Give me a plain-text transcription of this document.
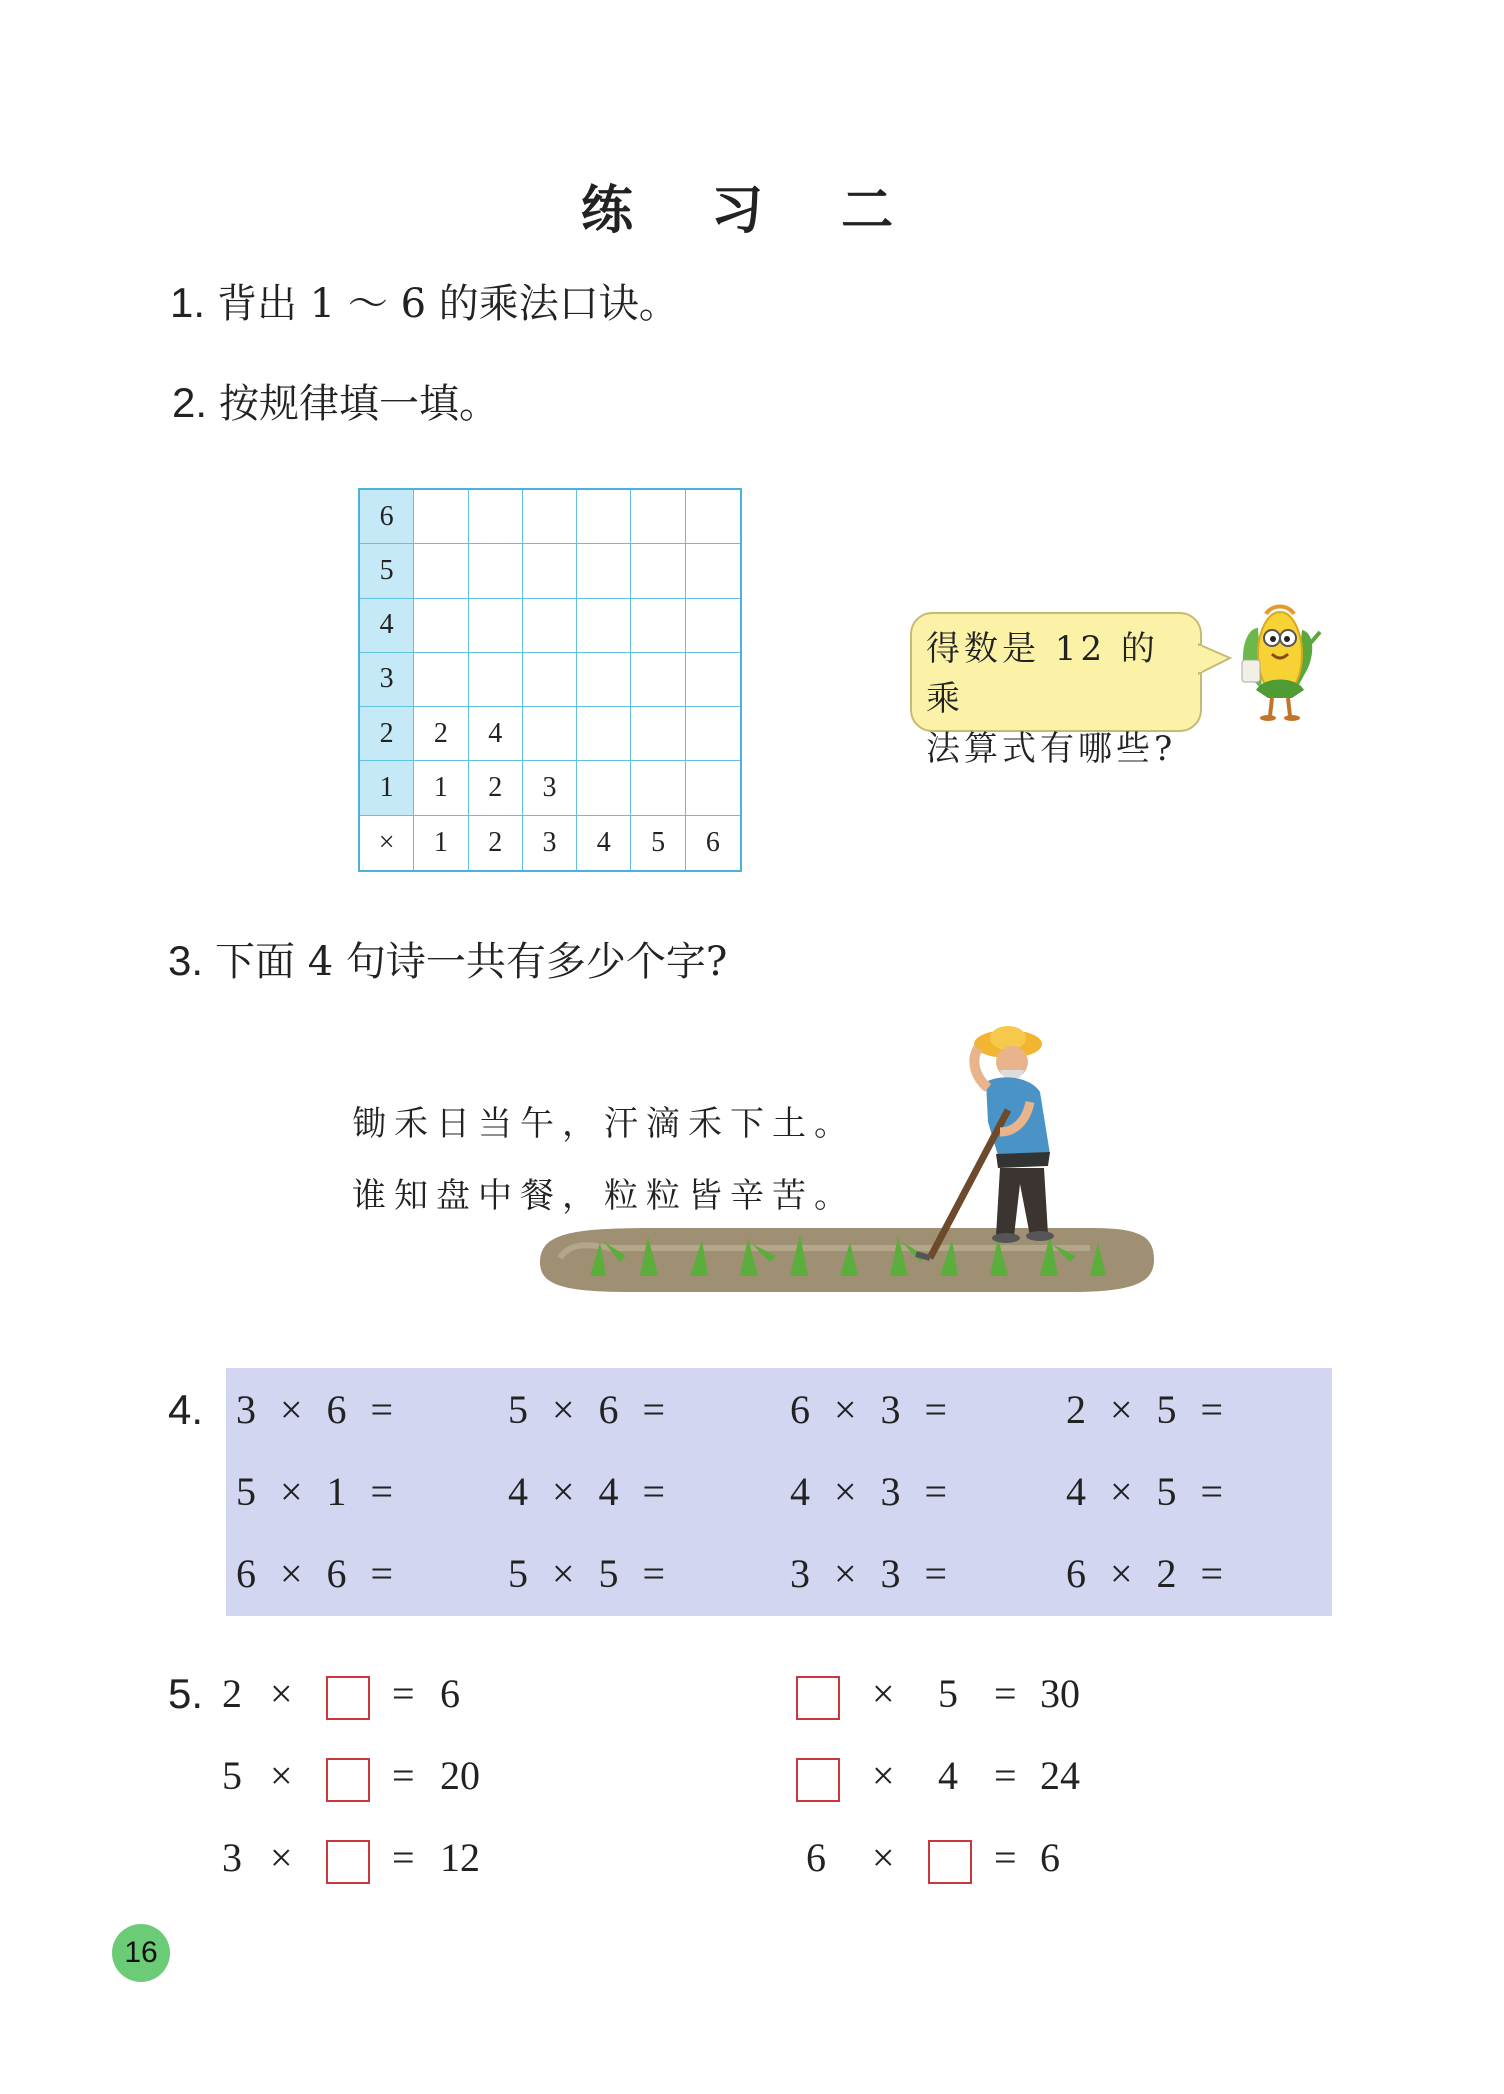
练 习 二
1. 背出 1 ～ 6 的乘法口诀。
2. 按规律填一填。
6
5
4
3
2	2	4
1	1	2	3
×	1	2	3	4	5	6
得数是 12 的乘
法算式有哪些?
3. 下面 4 句诗一共有多少个字?
锄禾日当午，汗滴禾下土。
谁知盘中餐，粒粒皆辛苦。
4. 3 × 6 =	5 × 6 =	6 × 3 =	2 × 5 =
5 × 1 =	4 × 4 =	4 × 3 =	4 × 5 =
6 × 6 =	5 × 5 =	3 × 3 =	6 × 2 =
5. 2 × = 6
5 × = 20
3 × = 12
× 5 = 30
× 4 = 24
6 × = 6
16
